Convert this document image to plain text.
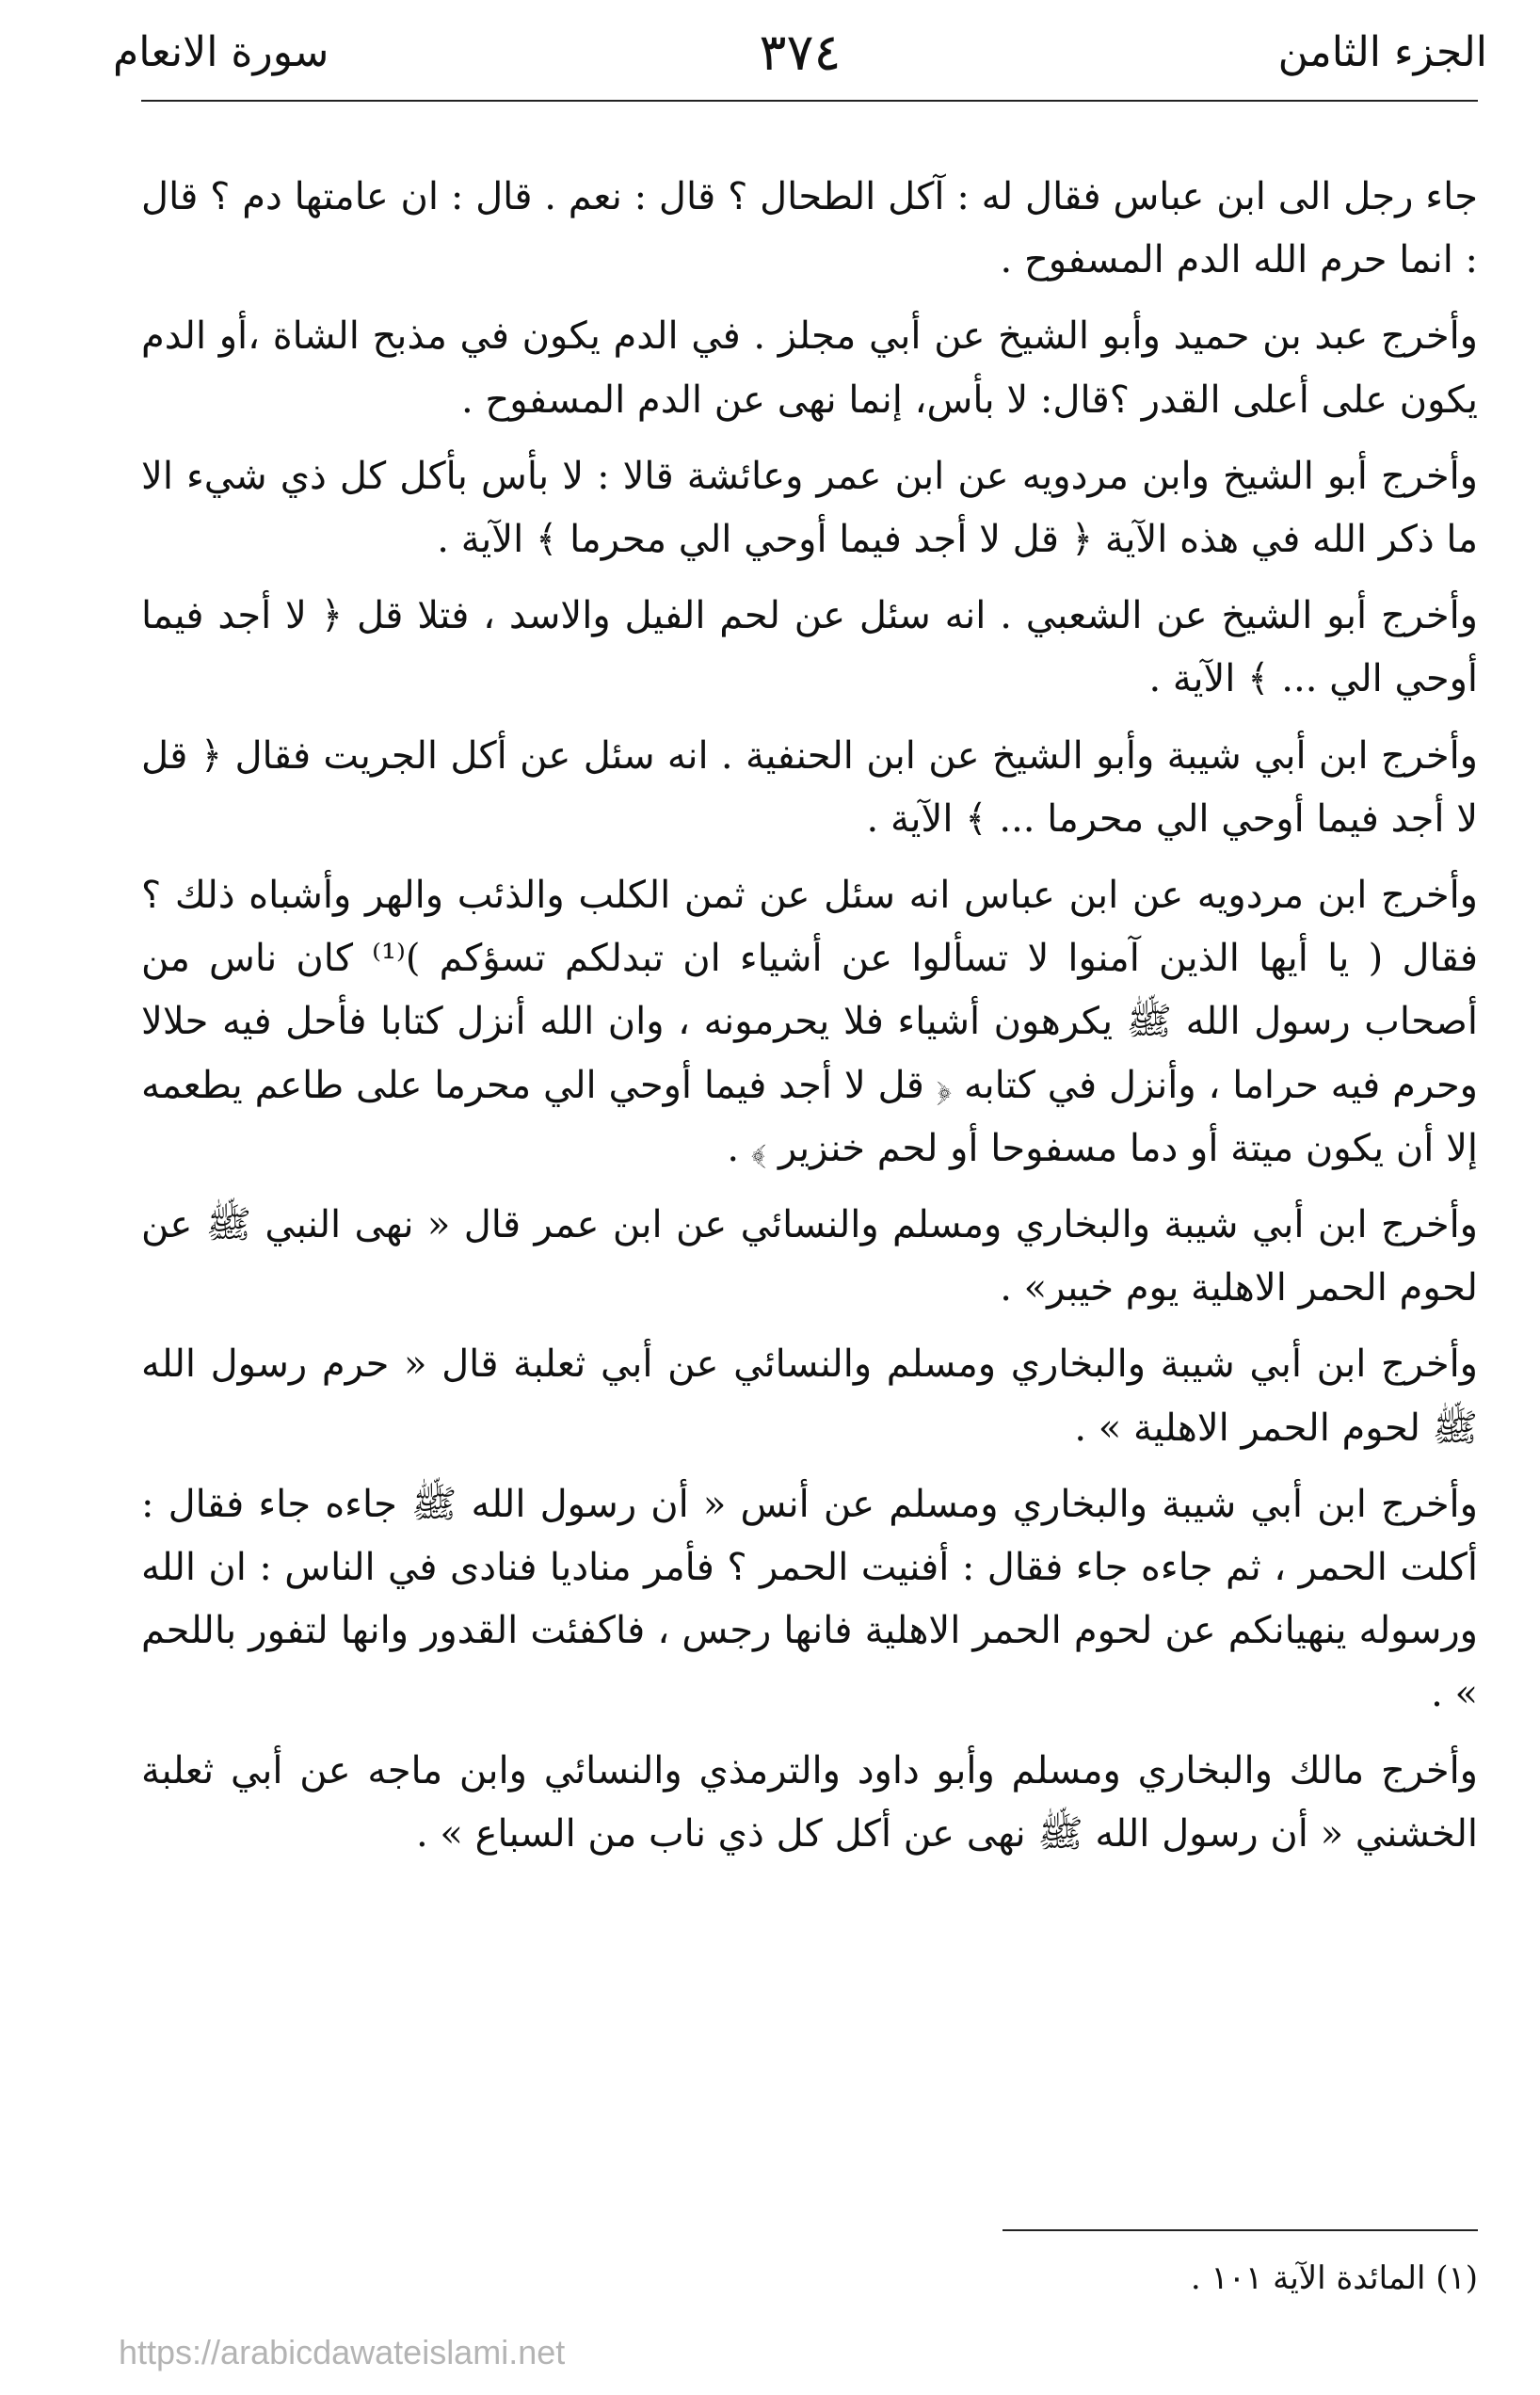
الجزء الثامن
٣٧٤
سورة الانعام

جاء رجل الى ابن عباس فقال له : آكل الطحال ؟ قال : نعم . قال : ان عامتها دم ؟ قال : انما حرم الله الدم المسفوح .

وأخرج عبد بن حميد وأبو الشيخ عن أبي مجلز . في الدم يكون في مذبح الشاة ،أو الدم يكون على أعلى القدر ؟قال: لا بأس، إنما نهى عن الدم المسفوح .

وأخرج أبو الشيخ وابن مردويه عن ابن عمر وعائشة قالا : لا بأس بأكل كل ذي شيء الا ما ذكر الله في هذه الآية ﴿ قل لا أجد فيما أوحي الي محرما ﴾ الآية .

وأخرج أبو الشيخ عن الشعبي . انه سئل عن لحم الفيل والاسد ، فتلا قل ﴿ لا أجد فيما أوحي الي ... ﴾ الآية .

وأخرج ابن أبي شيبة وأبو الشيخ عن ابن الحنفية . انه سئل عن أكل الجريت فقال ﴿ قل لا أجد فيما أوحي الي محرما ... ﴾ الآية .

وأخرج ابن مردويه عن ابن عباس انه سئل عن ثمن الكلب والذئب والهر وأشباه ذلك ؟ فقال ( يا أيها الذين آمنوا لا تسألوا عن أشياء ان تبدلكم تسؤكم )⁽¹⁾ كان ناس من أصحاب رسول الله ﷺ يكرهون أشياء فلا يحرمونه ، وان الله أنزل كتابا فأحل فيه حلالا وحرم فيه حراما ، وأنزل في كتابه ﴿ قل لا أجد فيما أوحي الي محرما على طاعم يطعمه إلا أن يكون ميتة أو دما مسفوحا أو لحم خنزير ﴾ .

وأخرج ابن أبي شيبة والبخاري ومسلم والنسائي عن ابن عمر قال « نهى النبي ﷺ عن لحوم الحمر الاهلية يوم خيبر» .

وأخرج ابن أبي شيبة والبخاري ومسلم والنسائي عن أبي ثعلبة قال « حرم رسول الله ﷺ لحوم الحمر الاهلية » .

وأخرج ابن أبي شيبة والبخاري ومسلم عن أنس « أن رسول الله ﷺ جاءه جاء فقال : أكلت الحمر ، ثم جاءه جاء فقال : أفنيت الحمر ؟ فأمر مناديا فنادى في الناس : ان الله ورسوله ينهيانكم عن لحوم الحمر الاهلية فانها رجس ، فاكفئت القدور وانها لتفور باللحم » .

وأخرج مالك والبخاري ومسلم وأبو داود والترمذي والنسائي وابن ماجه عن أبي ثعلبة الخشني « أن رسول الله ﷺ نهى عن أكل كل ذي ناب من السباع » .

(١) المائدة الآية ١٠١ .
https://arabicdawateislami.net
